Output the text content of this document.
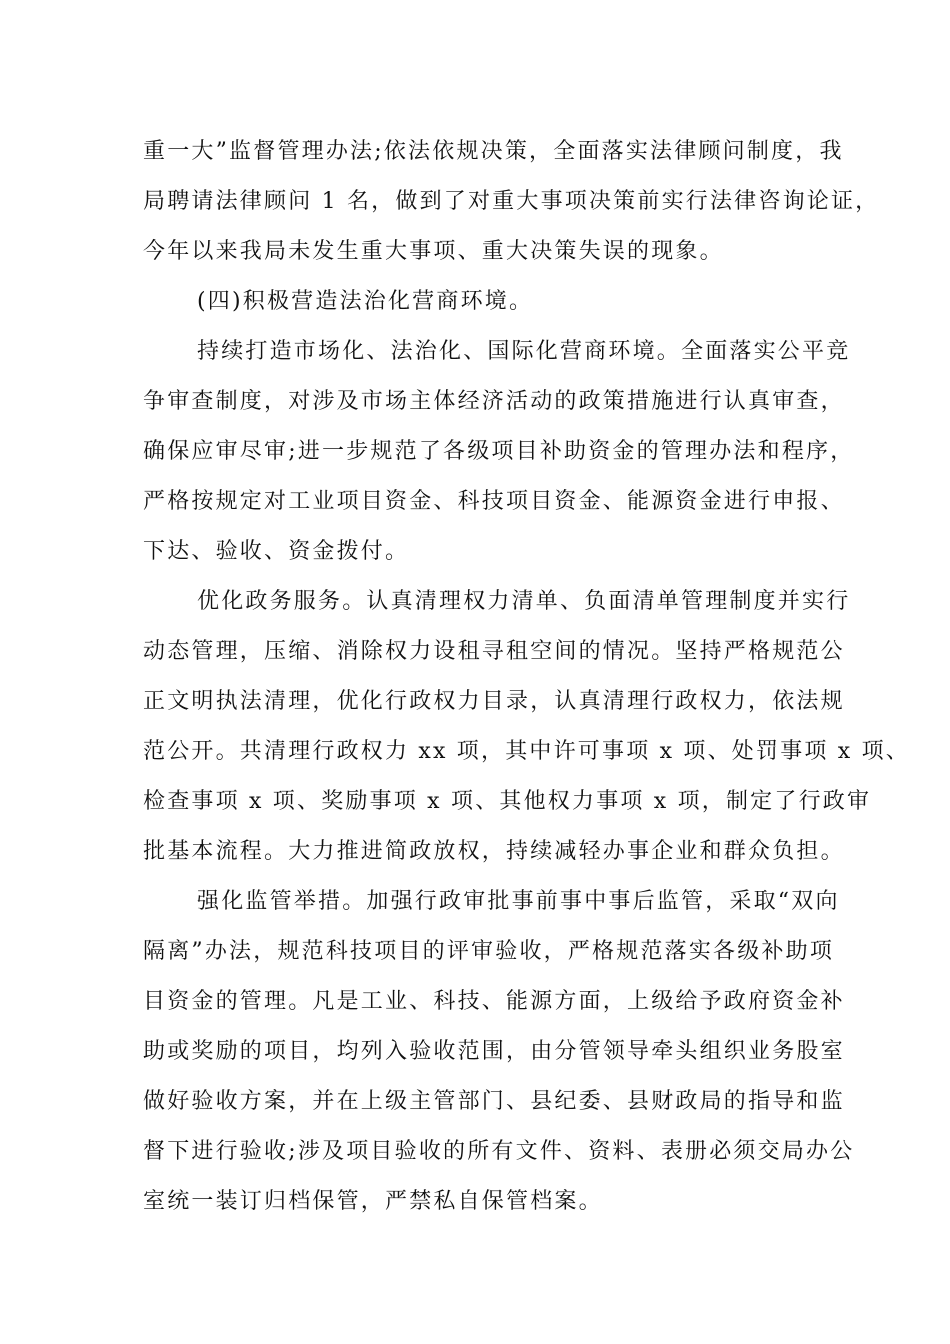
重一大”监督管理办法;依法依规决策，全面落实法律顾问制度，我
局聘请法律顾问 1 名，做到了对重大事项决策前实行法律咨询论证，
今年以来我局未发生重大事项、重大决策失误的现象。
(四)积极营造法治化营商环境。
持续打造市场化、法治化、国际化营商环境。全面落实公平竞
争审查制度，对涉及市场主体经济活动的政策措施进行认真审查，
确保应审尽审;进一步规范了各级项目补助资金的管理办法和程序，
严格按规定对工业项目资金、科技项目资金、能源资金进行申报、
下达、验收、资金拨付。
优化政务服务。认真清理权力清单、负面清单管理制度并实行
动态管理，压缩、消除权力设租寻租空间的情况。坚持严格规范公
正文明执法清理，优化行政权力目录，认真清理行政权力，依法规
范公开。共清理行政权力 xx 项，其中许可事项 x 项、处罚事项 x 项、
检查事项 x 项、奖励事项 x 项、其他权力事项 x 项，制定了行政审
批基本流程。大力推进简政放权，持续减轻办事企业和群众负担。
强化监管举措。加强行政审批事前事中事后监管，采取“双向
隔离”办法，规范科技项目的评审验收，严格规范落实各级补助项
目资金的管理。凡是工业、科技、能源方面，上级给予政府资金补
助或奖励的项目，均列入验收范围，由分管领导牵头组织业务股室
做好验收方案，并在上级主管部门、县纪委、县财政局的指导和监
督下进行验收;涉及项目验收的所有文件、资料、表册必须交局办公
室统一装订归档保管，严禁私自保管档案。
